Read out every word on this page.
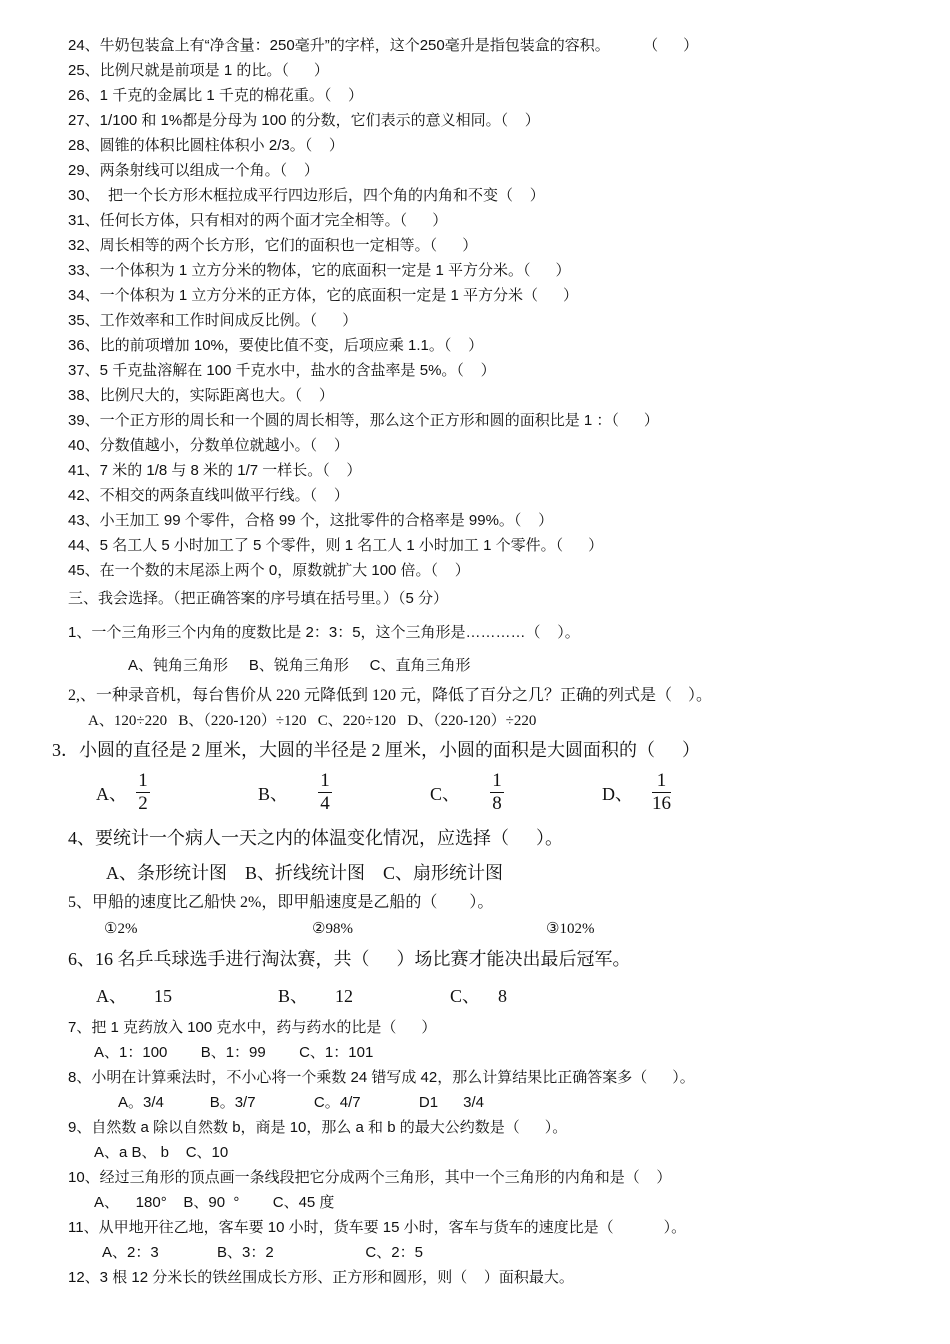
24、牛奶包装盒上有“净含量：250毫升”的字样，这个250毫升是指包装盒的容积。        （      ）
25、比例尺就是前项是 1 的比。（      ）
26、1 千克的金属比 1 千克的棉花重。（    ）
27、1/100 和 1%都是分母为 100 的分数，它们表示的意义相同。（    ）
28、圆锥的体积比圆柱体积小 2/3。（    ）
29、两条射线可以组成一个角。（    ）
30、  把一个长方形木框拉成平行四边形后，四个角的内角和不变（    ）
31、任何长方体，只有相对的两个面才完全相等。（      ）
32、周长相等的两个长方形，它们的面积也一定相等。（      ）
33、一个体积为 1 立方分米的物体，它的底面积一定是 1 平方分米。（      ）
34、一个体积为 1 立方分米的正方体，它的底面积一定是 1 平方分米（      ）
35、工作效率和工作时间成反比例。（      ）
36、比的前项增加 10%，要使比值不变，后项应乘 1.1。（    ）
37、5 千克盐溶解在 100 千克水中，盐水的含盐率是 5%。（    ）
38、比例尺大的，实际距离也大。（    ）
39、一个正方形的周长和一个圆的周长相等，那么这个正方形和圆的面积比是 1 ：（      ）
40、分数值越小，分数单位就越小。（    ）
41、7 米的 1/8 与 8 米的 1/7 一样长。（    ）
42、不相交的两条直线叫做平行线。（    ）
43、小王加工 99 个零件，合格 99 个，这批零件的合格率是 99%。（    ）
44、5 名工人 5 小时加工了 5 个零件，则 1 名工人 1 小时加工 1 个零件。（      ）
45、在一个数的末尾添上两个 0，原数就扩大 100 倍。（    ）
三、我会选择。（把正确答案的序号填在括号里。）（5 分）
1、一个三角形三个内角的度数比是 2：3：5，这个三角形是…………（    ）。
A、钝角三角形     B、锐角三角形     C、直角三角形
2,、一种录音机，每台售价从 220 元降低到 120 元，降低了百分之几？正确的列式是（    ）。
A、120÷220   B、（220-120）÷120   C、220÷120   D、（220-120）÷220
3．小圆的直径是 2 厘米，大圆的半径是 2 厘米，小圆的面积是大圆面积的（      ）
A、
1
2	B、
1
4	C、
1
8	D、
1
16
4、要统计一个病人一天之内的体温变化情况，应选择（      ）。
A、条形统计图    B、折线统计图    C、扇形统计图
5、甲船的速度比乙船快 2%，即甲船速度是乙船的（        ）。
①2%	②98%	③102%
6、16 名乒乓球选手进行淘汰赛，共（      ）场比赛才能决出最后冠军。
A、      15	B、      12	C、    8
7、把 1 克药放入 100 克水中，药与药水的比是（      ）
A、1：100        B、1：99        C、1：101
8、小明在计算乘法时，不小心将一个乘数 24 错写成 42，那么计算结果比正确答案多（      ）。
A。3/4           B。3/7              C。4/7              D1      3/4
9、自然数 a 除以自然数 b，商是 10，那么 a 和 b 的最大公约数是（      ）。
A、a B、 b    C、10
10、经过三角形的顶点画一条线段把它分成两个三角形，其中一个三角形的内角和是（    ）
A、    180°    B、90  °        C、45 度
11、从甲地开往乙地，客车要 10 小时，货车要 15 小时，客车与货车的速度比是（            ）。
A、2：3              B、3：2                      C、2：5
12、3 根 12 分米长的铁丝围成长方形、正方形和圆形，则（    ）面积最大。
